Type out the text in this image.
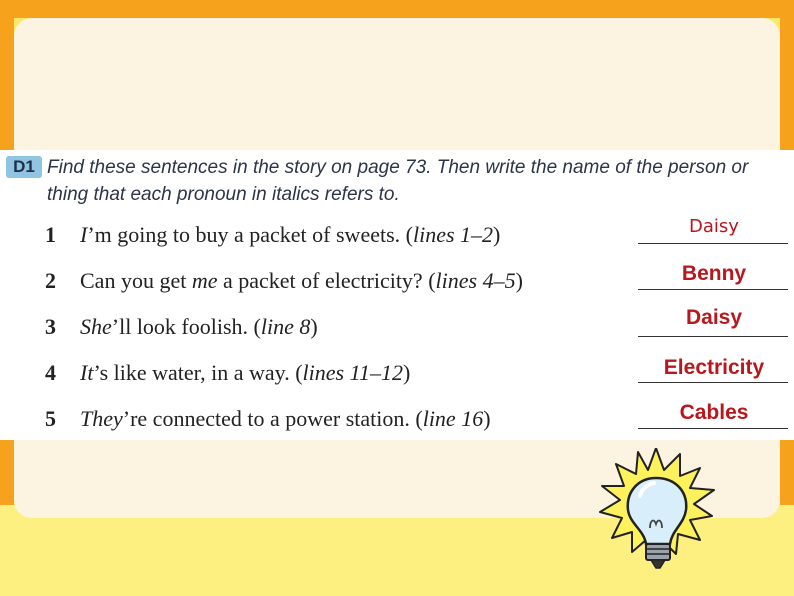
D1 Find these sentences in the story on page 73. Then write the name of the person or thing that each pronoun in italics refers to.
1 I’m going to buy a packet of sweets. (lines 1–2)	Daisy
2 Can you get me a packet of electricity? (lines 4–5)	Benny
3 She’ll look foolish. (line 8)	Daisy
4 It’s like water, in a way. (lines 11–12)	Electricity
5 They’re connected to a power station. (line 16)	Cables
